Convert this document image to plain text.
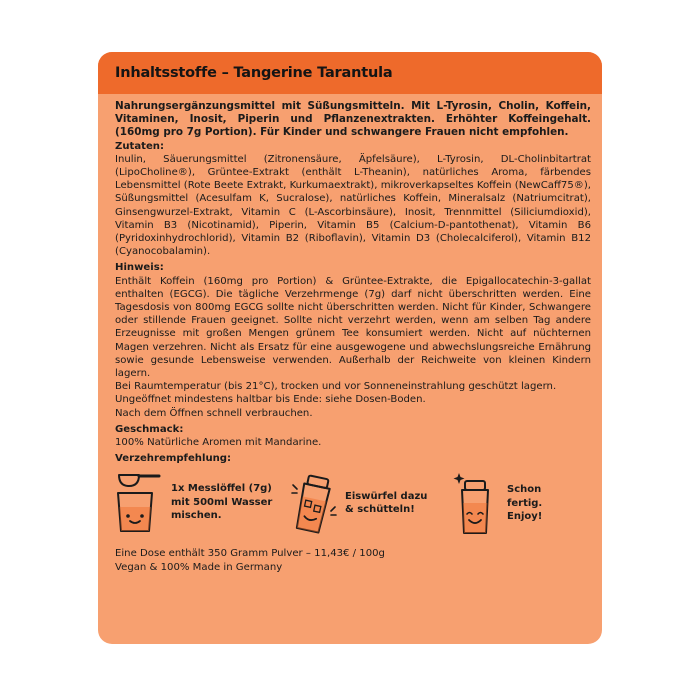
Inhaltsstoffe – Tangerine Tarantula

Nahrungsergänzungsmittel mit Süßungsmitteln. Mit L-Tyrosin, Cholin, Koffein, Vitaminen, Inosit, Piperin und Pflanzenextrakten. Erhöhter Koffeingehalt. (160mg pro 7g Portion). Für Kinder und schwangere Frauen nicht empfohlen.

Zutaten:

Inulin, Säuerungsmittel (Zitronensäure, Äpfelsäure), L-Tyrosin, DL-Cholinbitartrat (LipoCholine®), Grüntee-Extrakt (enthält L-Theanin), natürliches Aroma, färbendes Lebensmittel (Rote Beete Extrakt, Kurkumaextrakt), mikroverkapseltes Koffein (NewCaff75®), Süßungsmittel (Acesulfam K, Sucralose), natürliches Koffein, Mineralsalz (Natriumcitrat), Ginsengwurzel-Extrakt, Vitamin C (L-Ascorbinsäure), Inosit, Trennmittel (Siliciumdioxid), Vitamin B3 (Nicotinamid), Piperin, Vitamin B5 (Calcium-D-pantothenat), Vitamin B6 (Pyridoxinhydrochlorid), Vitamin B2 (Riboflavin), Vitamin D3 (Cholecalciferol), Vitamin B12 (Cyanocobalamin).

Hinweis:

Enthält Koffein (160mg pro Portion) & Grüntee-Extrakte, die Epigallocatechin-3-gallat enthalten (EGCG). Die tägliche Verzehrmenge (7g) darf nicht überschritten werden. Eine Tagesdosis von 800mg EGCG sollte nicht überschritten werden. Nicht für Kinder, Schwangere oder stillende Frauen geeignet. Sollte nicht verzehrt werden, wenn am selben Tag andere Erzeugnisse mit großen Mengen grünem Tee konsumiert werden. Nicht auf nüchternen Magen verzehren. Nicht als Ersatz für eine ausgewogene und abwechslungsreiche Ernährung sowie gesunde Lebensweise verwenden. Außerhalb der Reichweite von kleinen Kindern lagern.

Bei Raumtemperatur (bis 21°C), trocken und vor Sonneneinstrahlung geschützt lagern.

Ungeöffnet mindestens haltbar bis Ende: siehe Dosen-Boden.

Nach dem Öffnen schnell verbrauchen.

Geschmack:

100% Natürliche Aromen mit Mandarine.

Verzehrempfehlung:

1x Messlöffel (7g) mit 500ml Wasser mischen.
Eiswürfel dazu & schütteln!
Schon fertig. Enjoy!

Eine Dose enthält 350 Gramm Pulver – 11,43€ / 100g

Vegan & 100% Made in Germany
